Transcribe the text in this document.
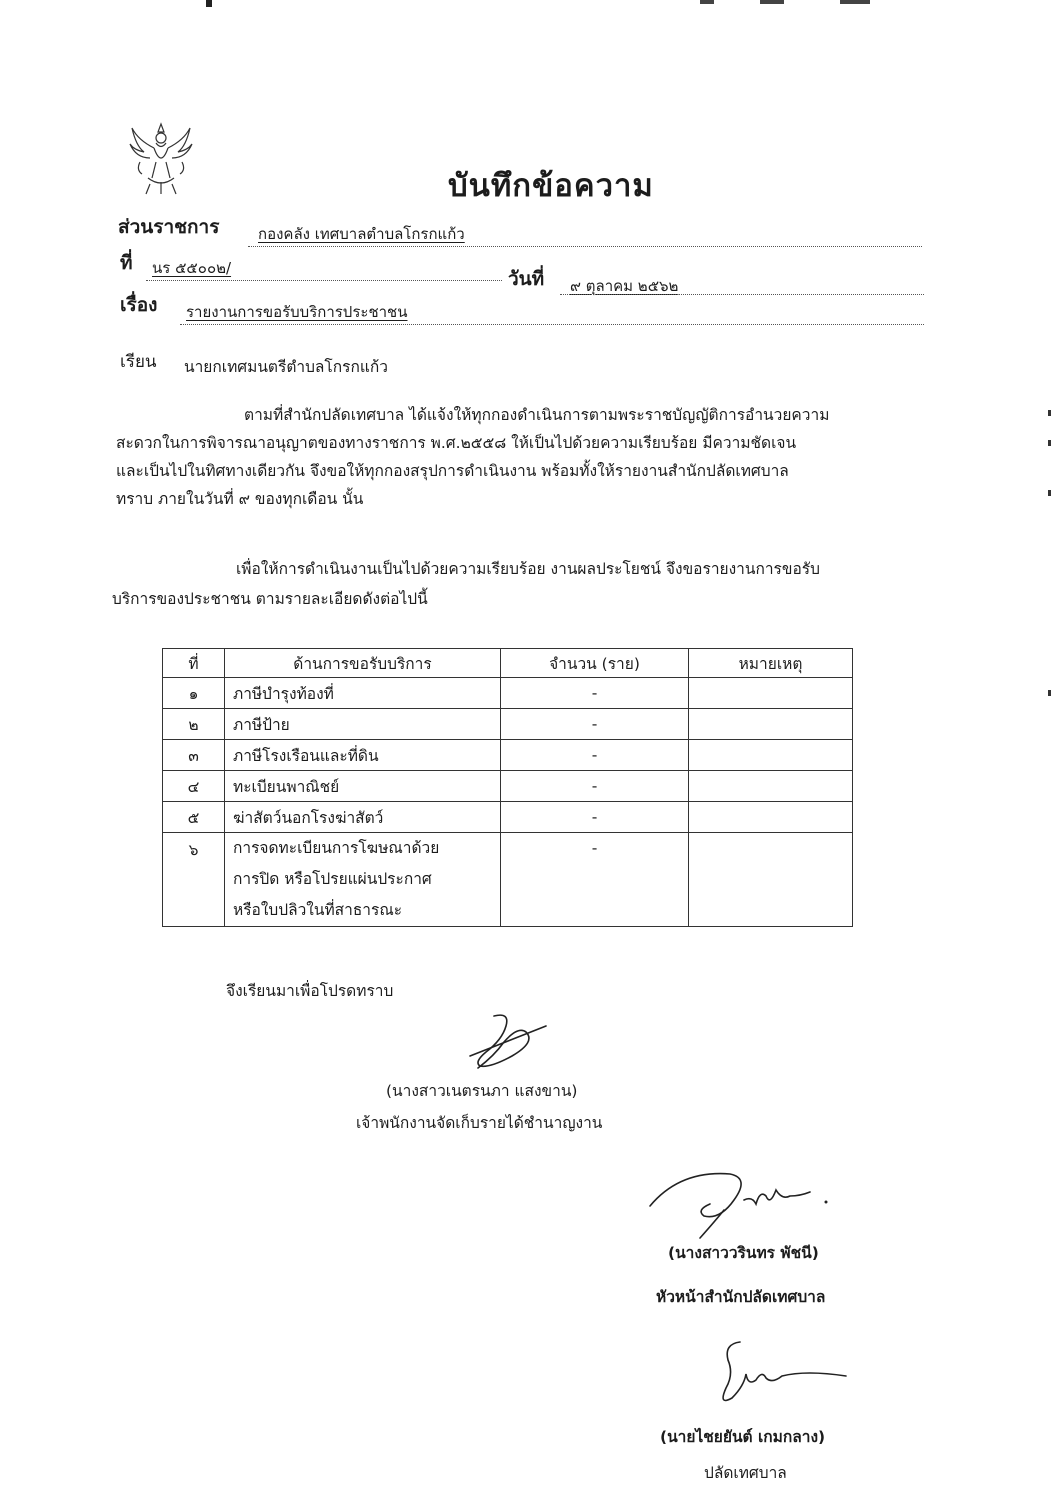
บันทึกข้อความ
ส่วนราชการ	กองคลัง เทศบาลตำบลโกรกแก้ว
ที่ นร ๕๕๐๐๒/	วันที่ ๙ ตุลาคม ๒๕๖๒
เรื่อง รายงานการขอรับบริการประชาชน
เรียน นายกเทศมนตรีตำบลโกรกแก้ว
ตามที่สำนักปลัดเทศบาล ได้แจ้งให้ทุกกองดำเนินการตามพระราชบัญญัติการอำนวยความ
สะดวกในการพิจารณาอนุญาตของทางราชการ พ.ศ.๒๕๕๘ ให้เป็นไปด้วยความเรียบร้อย มีความชัดเจน
และเป็นไปในทิศทางเดียวกัน จึงขอให้ทุกกองสรุปการดำเนินงาน พร้อมทั้งให้รายงานสำนักปลัดเทศบาล
ทราบ ภายในวันที่ ๙ ของทุกเดือน นั้น
เพื่อให้การดำเนินงานเป็นไปด้วยความเรียบร้อย งานผลประโยชน์ จึงขอรายงานการขอรับ
บริการของประชาชน ตามรายละเอียดดังต่อไปนี้
ที่	ด้านการขอรับบริการ	จำนวน (ราย)	หมายเหตุ
๑	ภาษีบำรุงท้องที่	-	
๒	ภาษีป้าย	-	
๓	ภาษีโรงเรือนและที่ดิน	-	
๔	ทะเบียนพาณิชย์	-	
๕	ฆ่าสัตว์นอกโรงฆ่าสัตว์	-	
๖	การจดทะเบียนการโฆษณาด้วย
การปิด หรือโปรยแผ่นประกาศ
หรือใบปลิวในที่สาธารณะ	-	
จึงเรียนมาเพื่อโปรดทราบ
(นางสาวเนตรนภา แสงขาน)
เจ้าพนักงานจัดเก็บรายได้ชำนาญงาน
(นางสาววรินทร พัชนี)
หัวหน้าสำนักปลัดเทศบาล
(นายไชยยันต์ เกมกลาง)
ปลัดเทศบาล
